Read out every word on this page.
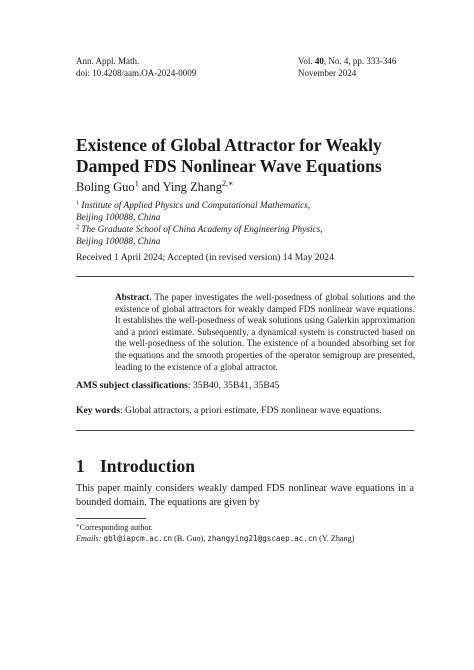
Ann. Appl. Math.
doi: 10.4208/aam.OA-2024-0009
Vol. 40, No. 4, pp. 333-346
November 2024
Existence of Global Attractor for Weakly
Damped FDS Nonlinear Wave Equations
Boling Guo$^1$ and Ying Zhang$^{2,∗}$
$^1$ Institute of Applied Physics and Computational Mathematics,
Beijing 100088, China
$^2$ The Graduate School of China Academy of Engineering Physics,
Beijing 100088, China
Received 1 April 2024; Accepted (in revised version) 14 May 2024
Abstract. The paper investigates the well-posedness of global solutions and the existence of global attractors for weakly damped FDS nonlinear wave equations. It establishes the well-posedness of weak solutions using Galerkin approximation and a priori estimate. Subsequently, a dynamical system is constructed based on the well-posedness of the solution. The existence of a bounded absorbing set for the equations and the smooth properties of the operator semigroup are presented, leading to the existence of a global attractor.
AMS subject classifications: 35B40, 35B41, 35B45
Key words: Global attractors, a priori estimate, FDS nonlinear wave equations.
1 Introduction
This paper mainly considers weakly damped FDS nonlinear wave equations in a bounded domain. The equations are given by
∗Corresponding author.
Emails: gbl@iapcm.ac.cn (B. Guo), zhangying21@gscaep.ac.cn (Y. Zhang)
